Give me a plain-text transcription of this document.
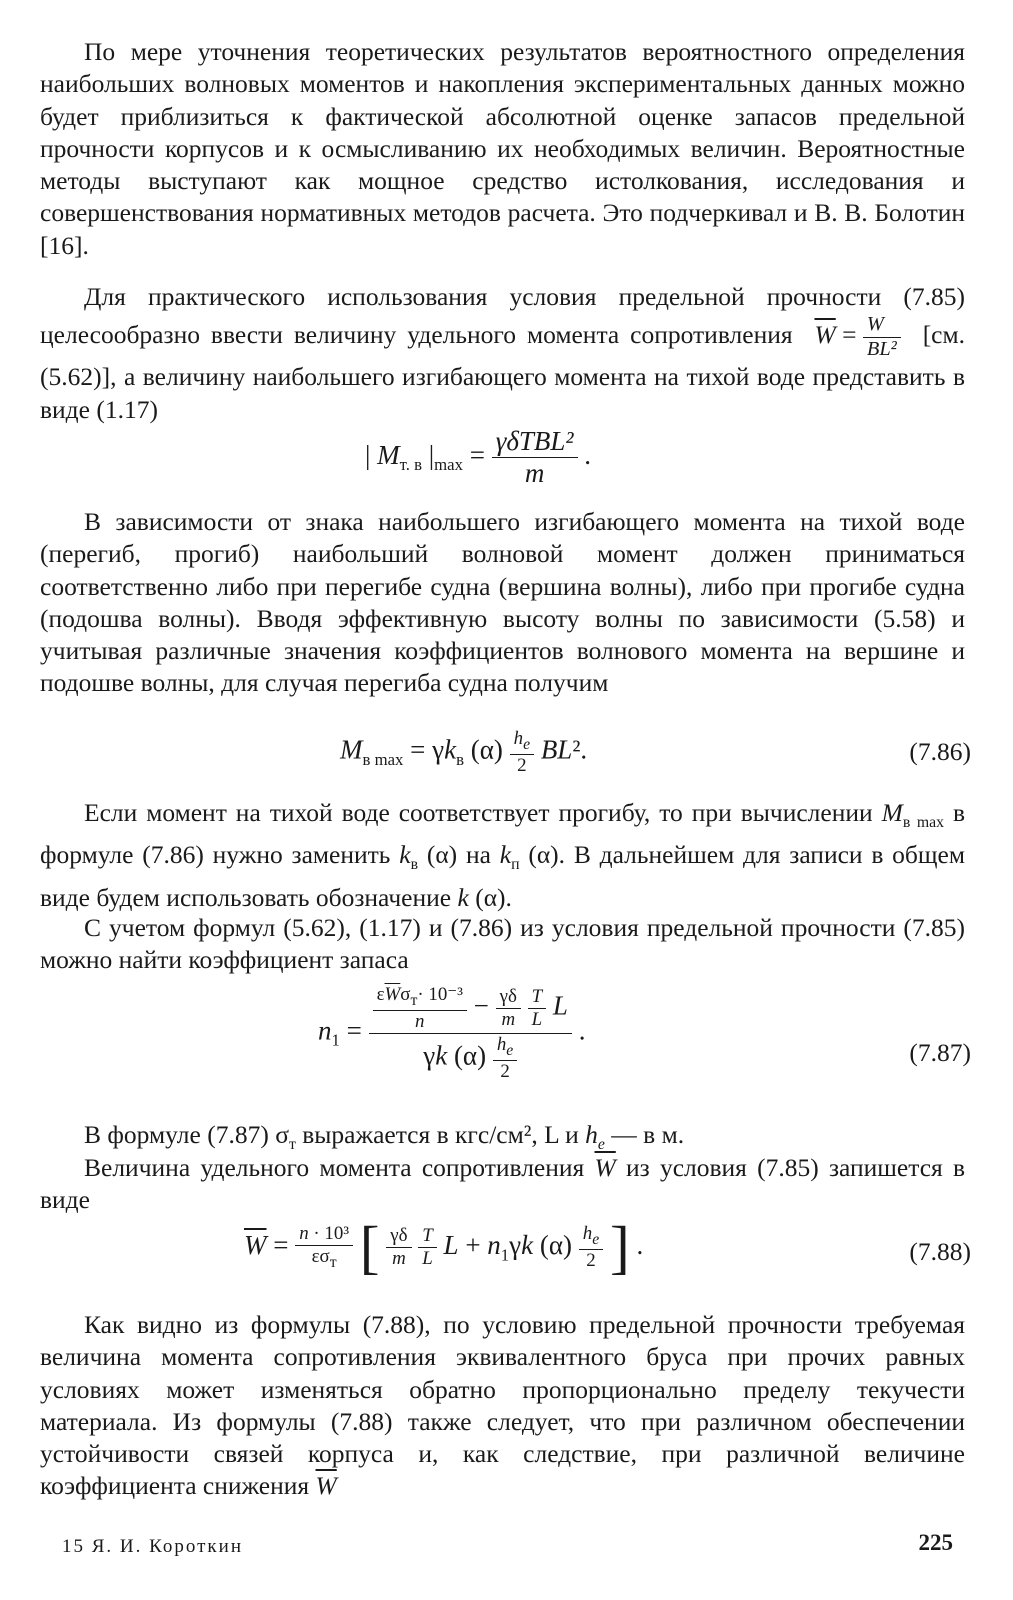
По мере уточнения теоретических результатов вероятностного определения наибольших волновых моментов и накопления экспериментальных данных можно будет приблизиться к фактической абсолютной оценке запасов предельной прочности корпусов и к осмысливанию их необходимых величин. Вероятностные методы выступают как мощное средство истолкования, исследования и совершенствования нормативных методов расчета. Это подчеркивал и В. В. Болотин [16].

Для практического использования условия предельной прочности (7.85) целесообразно ввести величину удельного момента сопротивления $\overline{W} = \frac{W}{\text{BL²}} [см$. (5.62)], а величину наибольшего изгибающего момента на тихой воде представить в виде (1.17)

| $M_{т. в}$ $|_{max} = \frac{\text{γδTBL²}}{m}$ .

В зависимости от знака наибольшего изгибающего момента на тихой воде (перегиб, прогиб) наибольший волновой момент должен приниматься соответственно либо при перегибе судна (вершина волны), либо при прогибе судна (подошва волны). Вводя эффективную высоту волны по зависимости (5.58) и учитывая различные значения коэффициентов волнового момента на вершине и подошве волны, для случая перегиба судна получим

$M_{в max} = \gamma k_в$ $(\alpha) \frac{h_e}{2} BL^2$.	(7.86)

Если момент на тихой воде соответствует прогибу, то при вычислении $M_{в max}$ в формуле (7.86) нужно заменить $k_в$ (α) на $k_п$ (α). В дальнейшем для записи в общем виде будем использовать обозначение k (α).

С учетом формул (5.62), (1.17) и (7.86) из условия предельной прочности (7.85) можно найти коэффициент запаса

$n_1 = \frac{\varepsilon\overline{W}\sigma_т\cdot 10^{-3}}{n} - \frac{\gamma\delta}{m}$
$\frac{T}{L}$ L
γk $(\alpha) \frac{h_e}{2}$ .
(7.87)

В формуле (7.87) $\sigma_т$ выражается в кгс/см², L и $h_e$ — в м.

Величина удельного момента сопротивления $\overline{W}$ из условия (7.85) запишется в виде

$\overline{W} = \frac{\text{n · 10³}}{\varepsilon\sigma_т}$ [ $\frac{\gamma\delta}{m}$
$\frac{T}{L}$ $L + n_1\gamma k$ $(\alpha) \frac{h_e}{2}$ ] .	(7.88)

Как видно из формулы (7.88), по условию предельной прочности требуемая величина момента сопротивления эквивалентного бруса при прочих равных условиях может изменяться обратно пропорционально пределу текучести материала. Из формулы (7.88) также следует, что при различном обеспечении устойчивости связей корпуса и, как следствие, при различной величине коэффициента снижения $\overline{W}$

15 Я. И. Короткин	225
